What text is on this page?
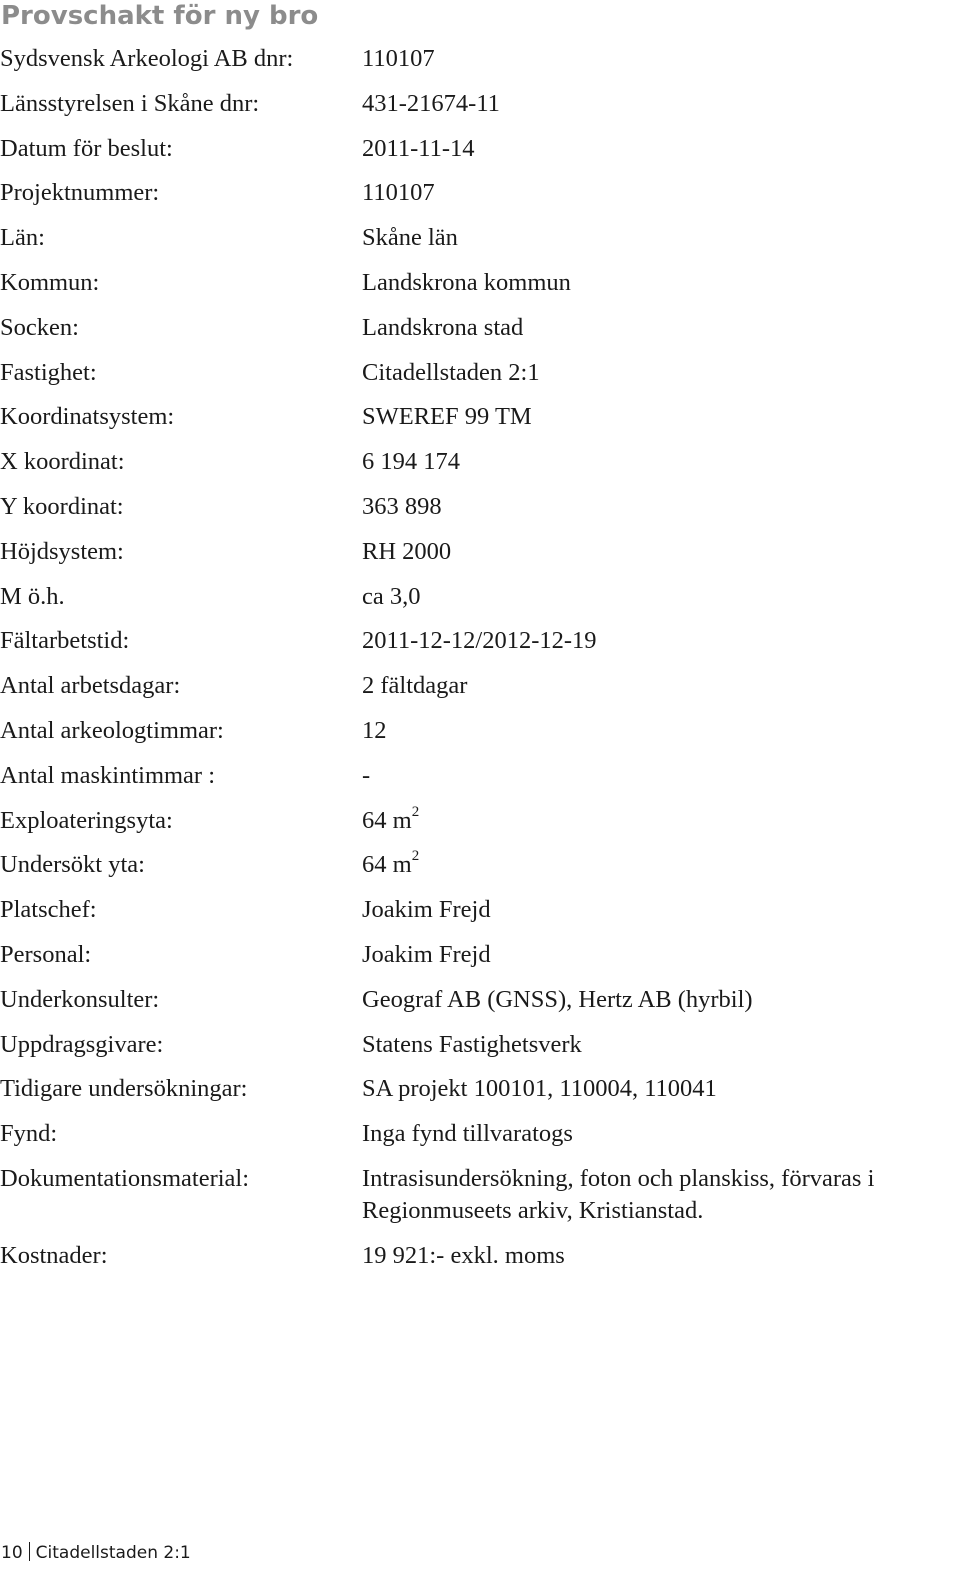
Provschakt för ny bro
Sydsvensk Arkeologi AB dnr:	110107
Länsstyrelsen i Skåne dnr:	431-21674-11
Datum för beslut:	2011-11-14
Projektnummer:	110107
Län:	Skåne län
Kommun:	Landskrona kommun
Socken:	Landskrona stad
Fastighet:	Citadellstaden 2:1
Koordinatsystem:	SWEREF 99 TM
X koordinat:	6 194 174
Y koordinat:	363 898
Höjdsystem:	RH 2000
M ö.h.	ca 3,0
Fältarbetstid:	2011-12-12/2012-12-19
Antal arbetsdagar:	2 fältdagar
Antal arkeologtimmar:	12
Antal maskintimmar :	-
Exploateringsyta:	64 $m^2$
Undersökt yta:	64 $m^2$
Platschef:	Joakim Frejd
Personal:	Joakim Frejd
Underkonsulter:	Geograf AB (GNSS), Hertz AB (hyrbil)
Uppdragsgivare:	Statens Fastighetsverk
Tidigare undersökningar:	SA projekt 100101, 110004, 110041
Fynd:	Inga fynd tillvaratogs
Dokumentationsmaterial:	Intrasisundersökning, foton och planskiss, förvaras i Regionmuseets arkiv, Kristianstad.
Kostnader:	19 921:- exkl. moms
10 Citadellstaden 2:1
